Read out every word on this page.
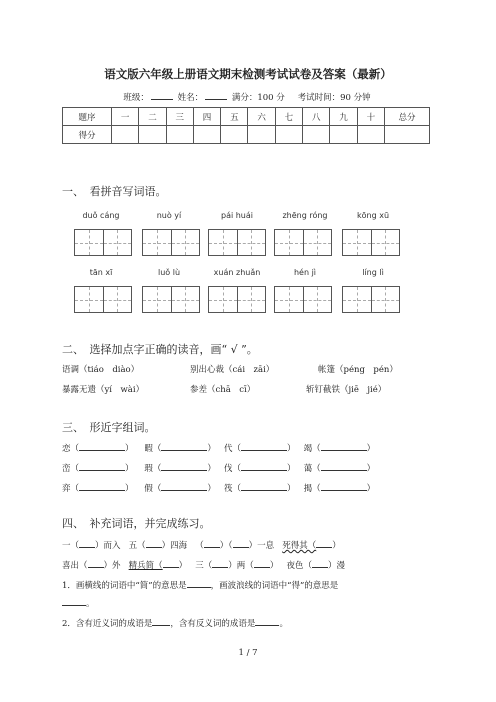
语文版六年级上册语文期末检测考试试卷及答案（最新）
班级：	姓名：	满分：100 分 考试时间：90 分钟
题序	一	二	三	四	五	六	七	八	九	十	总分
得分											
一、　看拼音写词语。
duǒ cáng	nuò yí	pái huái	zhēng róng	kōng xū
tān xī	luǒ lù	xuán zhuǎn	hén jì	líng lì
二、　选择加点字正确的读音，画“ √ ”。
语调（tiáo　diào）	别出心裁（cái　zāi）	帐篷（péng　pén）
暴露无遗（yí　wài）	参差（chā　cī）	斩钉截铁（jiē　jié）
三、　形近字组词。
恋（	）    暇（	）   代（	）   竭（	）
峦（	）    瑕（	）   伐（	）   蔼（	）
弈（	）    假（	）   筏（	）   揭（	）
四、　补充词语，并完成练习。
一（ ）而入 五（ ）四海 （ ）（ ）一息 死得其（ ）
喜出（ ）外 精兵简（ ） 三（ ）两（ ） 夜色（ ）漫
1．画横线的词语中“简”的意思是	，画波浪线的词语中“得”的意思是
。
2．含有近义词的成语是 ，含有反义词的成语是	。
1 / 7
